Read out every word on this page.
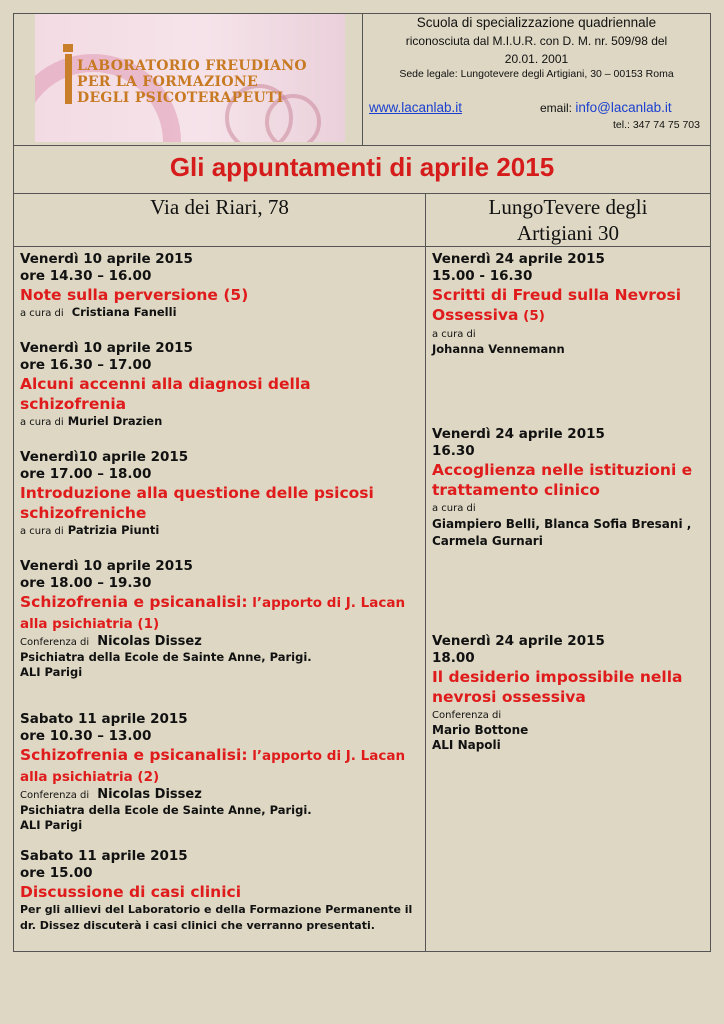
LABORATORIO FREUDIANO
PER LA FORMAZIONE
DEGLI PSICOTERAPEUTI
Scuola di specializzazione quadriennale
riconosciuta dal M.I.U.R. con D. M. nr. 509/98 del
20.01. 2001
Sede legale: Lungotevere degli Artigiani, 30 – 00153 Roma
www.lacanlab.it	email: info@lacanlab.it
tel.: 347 74 75 703
Gli appuntamenti di aprile 2015
Via dei Riari, 78	LungoTevere degli
Artigiani 30
Venerdì 10 aprile 2015
ore 14.30 – 16.00
Note sulla perversione (5)
a cura di Cristiana Fanelli
Venerdì 10 aprile 2015
ore 16.30 – 17.00
Alcuni accenni alla diagnosi della schizofrenia
a cura di Muriel Drazien
Venerdì10 aprile 2015
ore 17.00 – 18.00
Introduzione alla questione delle psicosi schizofreniche
a cura di Patrizia Piunti
Venerdì 10 aprile 2015
ore 18.00 – 19.30
Schizofrenia e psicanalisi: l’apporto di J. Lacan alla psichiatria (1)
Conferenza di Nicolas Dissez
Psichiatra della Ecole de Sainte Anne, Parigi.
ALI Parigi
Sabato 11 aprile 2015
ore 10.30 – 13.00
Schizofrenia e psicanalisi: l’apporto di J. Lacan alla psichiatria (2)
Conferenza di Nicolas Dissez
Psichiatra della Ecole de Sainte Anne, Parigi.
ALI Parigi
Sabato 11 aprile 2015
ore 15.00
Discussione di casi clinici
Per gli allievi del Laboratorio e della Formazione Permanente il
dr. Dissez discuterà i casi clinici che verranno presentati.
Venerdì 24 aprile 2015
15.00 - 16.30
Scritti di Freud sulla Nevrosi
Ossessiva (5)
a cura di
Johanna Vennemann
Venerdì 24 aprile 2015
16.30
Accoglienza nelle istituzioni e trattamento clinico
a cura di
Giampiero Belli, Blanca Sofia Bresani , Carmela Gurnari
Venerdì 24 aprile 2015
18.00
Il desiderio impossibile nella nevrosi ossessiva
Conferenza di
Mario Bottone
ALI Napoli
